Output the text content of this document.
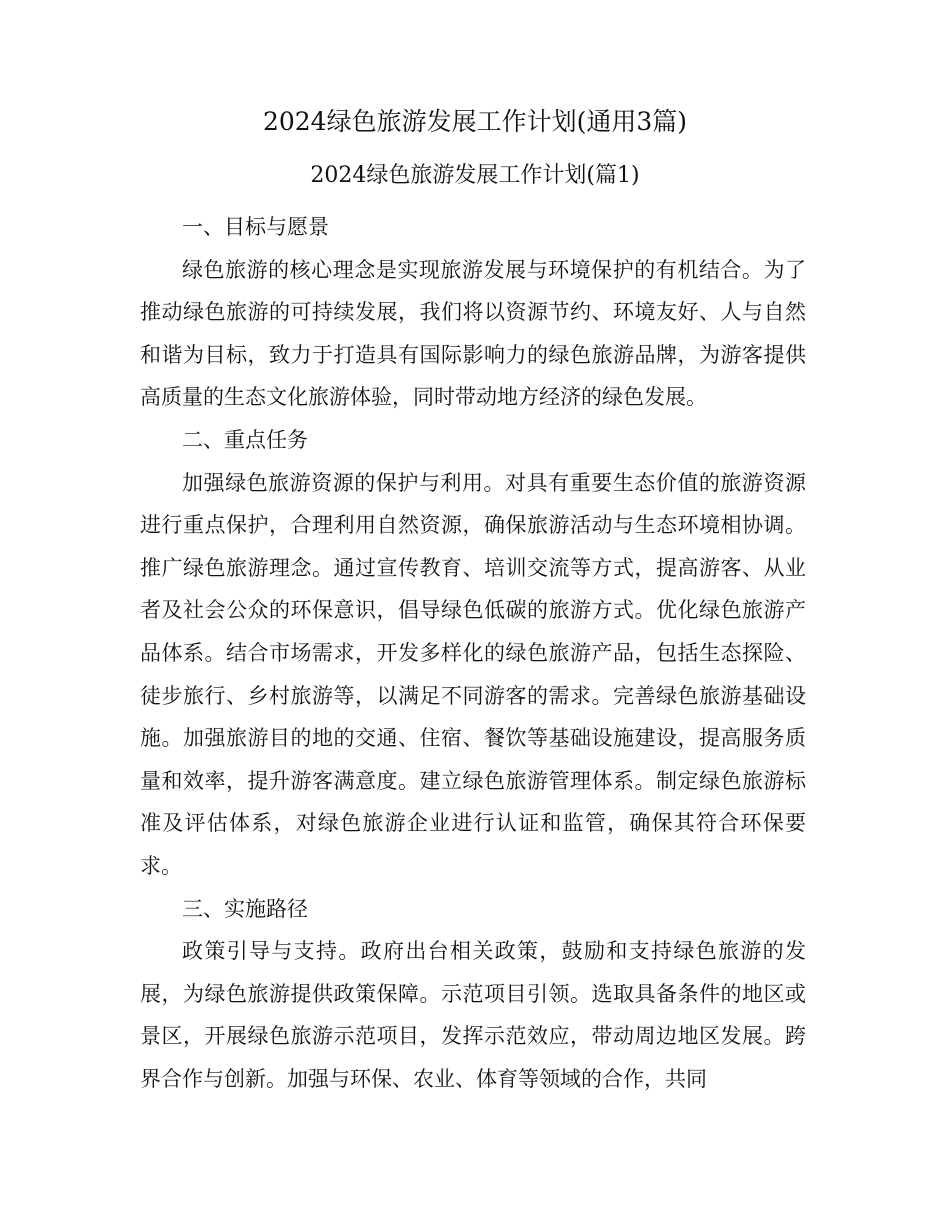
2024绿色旅游发展工作计划(通用3篇)
2024绿色旅游发展工作计划(篇1)

一、目标与愿景

绿色旅游的核心理念是实现旅游发展与环境保护的有机结合。为了推动绿色旅游的可持续发展，我们将以资源节约、环境友好、人与自然和谐为目标，致力于打造具有国际影响力的绿色旅游品牌，为游客提供高质量的生态文化旅游体验，同时带动地方经济的绿色发展。

二、重点任务

加强绿色旅游资源的保护与利用。对具有重要生态价值的旅游资源进行重点保护，合理利用自然资源，确保旅游活动与生态环境相协调。推广绿色旅游理念。通过宣传教育、培训交流等方式，提高游客、从业者及社会公众的环保意识，倡导绿色低碳的旅游方式。优化绿色旅游产品体系。结合市场需求，开发多样化的绿色旅游产品，包括生态探险、徒步旅行、乡村旅游等，以满足不同游客的需求。完善绿色旅游基础设施。加强旅游目的地的交通、住宿、餐饮等基础设施建设，提高服务质量和效率，提升游客满意度。建立绿色旅游管理体系。制定绿色旅游标准及评估体系，对绿色旅游企业进行认证和监管，确保其符合环保要求。

三、实施路径

政策引导与支持。政府出台相关政策，鼓励和支持绿色旅游的发展，为绿色旅游提供政策保障。示范项目引领。选取具备条件的地区或景区，开展绿色旅游示范项目，发挥示范效应，带动周边地区发展。跨界合作与创新。加强与环保、农业、体育等领域的合作，共同
